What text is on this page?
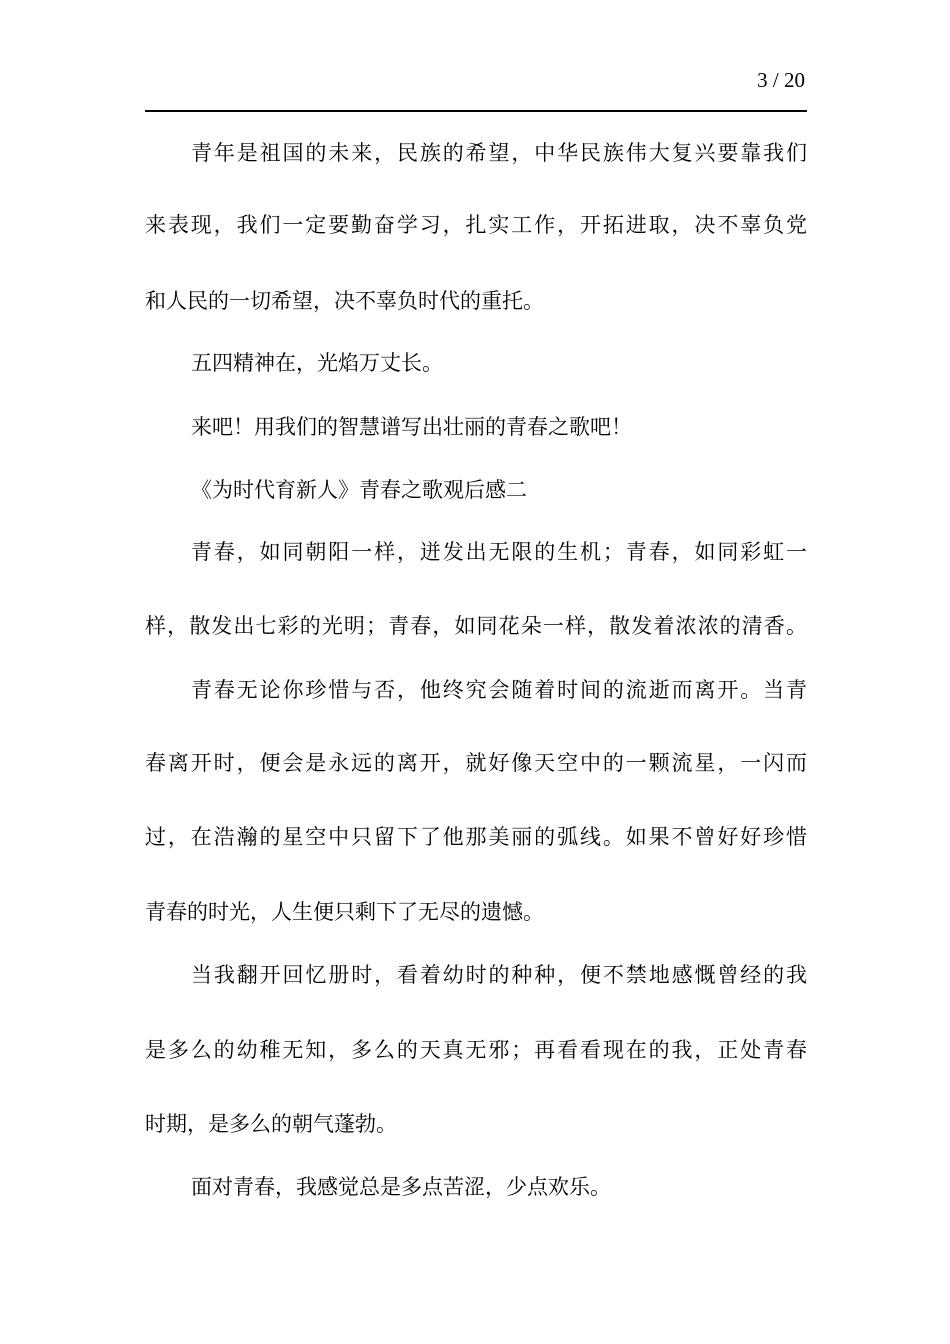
3 / 20
青年是祖国的未来，民族的希望，中华民族伟大复兴要靠我们
来表现，我们一定要勤奋学习，扎实工作，开拓进取，决不辜负党
和人民的一切希望，决不辜负时代的重托。
五四精神在，光焰万丈长。
来吧！用我们的智慧谱写出壮丽的青春之歌吧！
《为时代育新人》青春之歌观后感二
青春，如同朝阳一样，迸发出无限的生机；青春，如同彩虹一
样，散发出七彩的光明；青春，如同花朵一样，散发着浓浓的清香。
青春无论你珍惜与否，他终究会随着时间的流逝而离开。当青
春离开时，便会是永远的离开，就好像天空中的一颗流星，一闪而
过，在浩瀚的星空中只留下了他那美丽的弧线。如果不曾好好珍惜
青春的时光，人生便只剩下了无尽的遗憾。
当我翻开回忆册时，看着幼时的种种，便不禁地感慨曾经的我
是多么的幼稚无知，多么的天真无邪；再看看现在的我，正处青春
时期，是多么的朝气蓬勃。
面对青春，我感觉总是多点苦涩，少点欢乐。
